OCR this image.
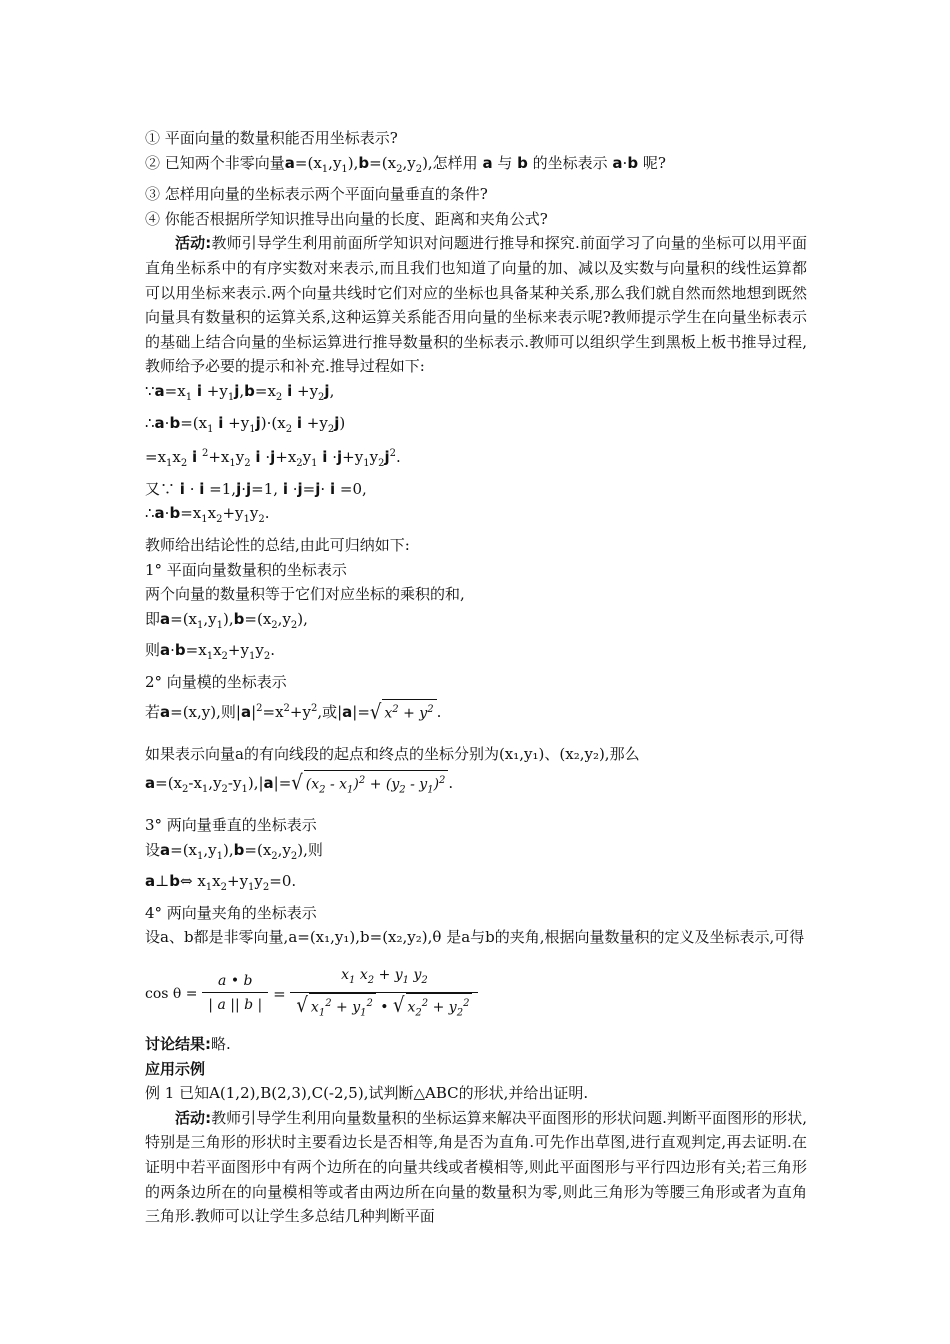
① 平面向量的数量积能否用坐标表示?
② 已知两个非零向量$a=(x_1,y_1),b=(x_2,y_2)$,怎样用 a 与 b 的坐标表示 a·b 呢?
③ 怎样用向量的坐标表示两个平面向量垂直的条件?
④ 你能否根据所学知识推导出向量的长度、距离和夹角公式?
活动:教师引导学生利用前面所学知识对问题进行推导和探究.前面学习了向量的坐标可以用平面直角坐标系中的有序实数对来表示,而且我们也知道了向量的加、减以及实数与向量积的线性运算都可以用坐标来表示.两个向量共线时它们对应的坐标也具备某种关系,那么我们就自然而然地想到既然向量具有数量积的运算关系,这种运算关系能否用向量的坐标来表示呢?教师提示学生在向量坐标表示的基础上结合向量的坐标运算进行推导数量积的坐标表示.教师可以组织学生到黑板上板书推导过程,教师给予必要的提示和补充.推导过程如下:
$\because a=x_1$ $i +y_1j,b=x_2$ $i +y_2j$,
$\therefore a\cdot b=(x_1$ $i +y_1j)\cdot(x_2$ $i +y_2j$)
$=x_1x_2$ i $^2+x_1y_2$ $i \cdot j+x_2y_1$ $i \cdot j+y_1y_2j^2$.
又∵ i · i =1,j·j=1, i ·j=j· i =0,
$\therefore a\cdot b=x_1x_2+y_1y_2$.
教师给出结论性的总结,由此可归纳如下:
1° 平面向量数量积的坐标表示
两个向量的数量积等于它们对应坐标的乘积的和,
即$a=(x_1,y_1),b=(x_2,y_2)$,
则$a\cdot b=x_1x_2+y_1y_2$.
2° 向量模的坐标表示
若a=(x,y),则$|a|^2=x^2+y^2$,或|a|=√ $x^2 + y^2$ .
如果表示向量a的有向线段的起点和终点的坐标分别为(x₁,y₁)、(x₂,y₂),那么
$a=(x_2-x_1,y_2-y_1),|a|=√$ $(x_2 - x_1)^2 + (y_2 - y_1)^2$ .
3° 两向量垂直的坐标表示
设$a=(x_1,y_1),b=(x_2,y_2)$,则
a⊥b⇔ $x_1x_2+y_1y_2=0$.
4° 两向量夹角的坐标表示
设a、b都是非零向量,a=(x₁,y₁),b=(x₂,y₂),θ 是a与b的夹角,根据向量数量积的定义及坐标表示,可得
$\cos \theta = \frac{a • b}{| a || b |} = \frac{x_1 x_2 + y_1 y_2}{√ x_1^2 + y_1^2 • √ x_2^2 + y_2^2}$
讨论结果:略.
应用示例
例 1 已知A(1,2),B(2,3),C(-2,5),试判断△ABC的形状,并给出证明.
活动:教师引导学生利用向量数量积的坐标运算来解决平面图形的形状问题.判断平面图形的形状,特别是三角形的形状时主要看边长是否相等,角是否为直角.可先作出草图,进行直观判定,再去证明.在证明中若平面图形中有两个边所在的向量共线或者模相等,则此平面图形与平行四边形有关;若三角形的两条边所在的向量模相等或者由两边所在向量的数量积为零,则此三角形为等腰三角形或者为直角三角形.教师可以让学生多总结几种判断平面
